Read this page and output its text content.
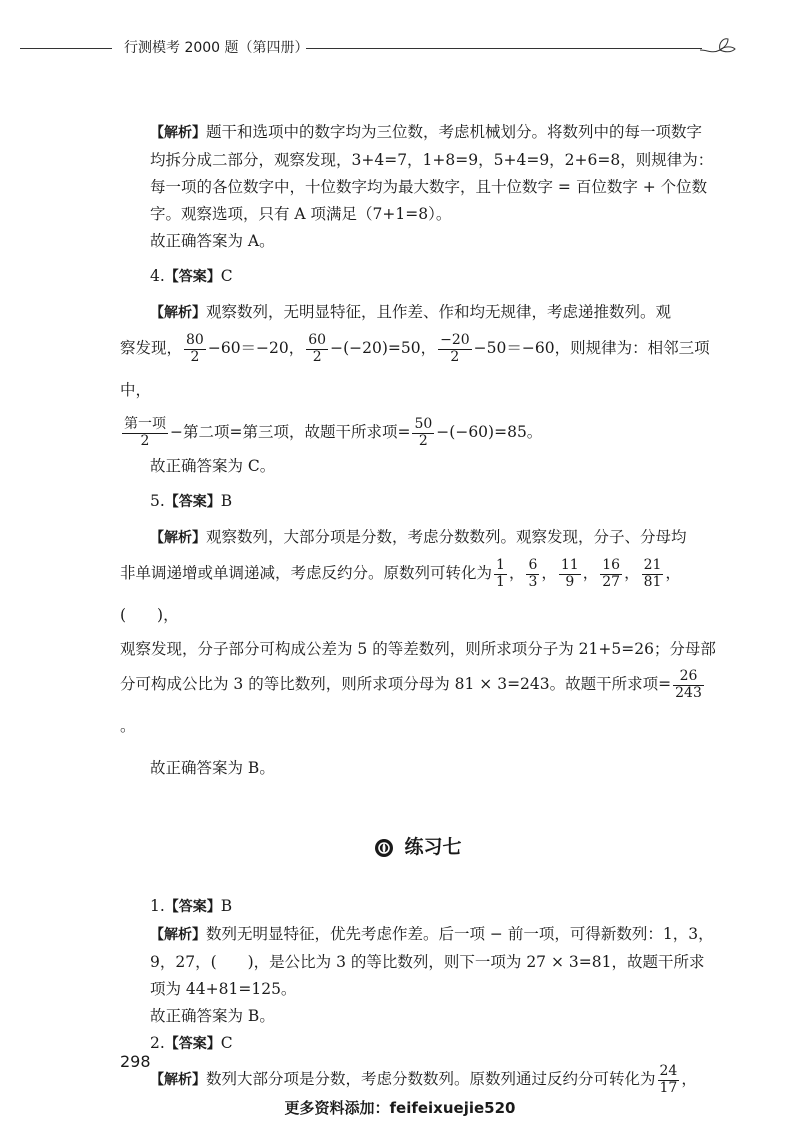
行测模考 2000 题（第四册）

【解析】题干和选项中的数字均为三位数，考虑机械划分。将数列中的每一项数字均拆分成二部分，观察发现，3+4=7，1+8=9，5+4=9，2+6=8，则规律为：每一项的各位数字中，十位数字均为最大数字，且十位数字 = 百位数字 + 个位数字。观察选项，只有 A 项满足（7+1=8）。

故正确答案为 A。

4.【答案】C

【解析】观察数列，无明显特征，且作差、作和均无规律，考虑递推数列。观

察发现， $\frac{80}{2} -60=-20$， $\frac{60}{2} -(-20)=50$， $\frac{-20}{2} -50=-60$，则规律为：相邻三项中，

$\frac{\text{第一项}}{2}$ −第二项=第三项，故题干所求项= $\frac{50}{2} -(-60)=85$。

故正确答案为 C。

5.【答案】B

【解析】观察数列，大部分项是分数，考虑分数数列。观察发现，分子、分母均

非单调递增或单调递减，考虑反约分。原数列可转化为 $\frac{1}{1}$ ， $\frac{6}{3}$ ， $\frac{11}{9}$ ， $\frac{16}{27}$ ， $\frac{21}{81}$ ，(　　)，

观察发现，分子部分可构成公差为 5 的等差数列，则所求项分子为 21+5=26；分母部

分可构成公比为 3 的等比数列，则所求项分母为 81 × 3=243。故题干所求项= $\frac{26}{243}$
。

故正确答案为 B。

练习七

1.【答案】B

【解析】数列无明显特征，优先考虑作差。后一项 − 前一项，可得新数列：1，3，9，27，(　　)，是公比为 3 的等比数列，则下一项为 27 × 3=81，故题干所求项为 44+81=125。

故正确答案为 B。

2.【答案】C

【解析】数列大部分项是分数，考虑分数数列。原数列通过反约分可转化为 $\frac{24}{17}$ ，

298
更多资料添加：feifeixuejie520
